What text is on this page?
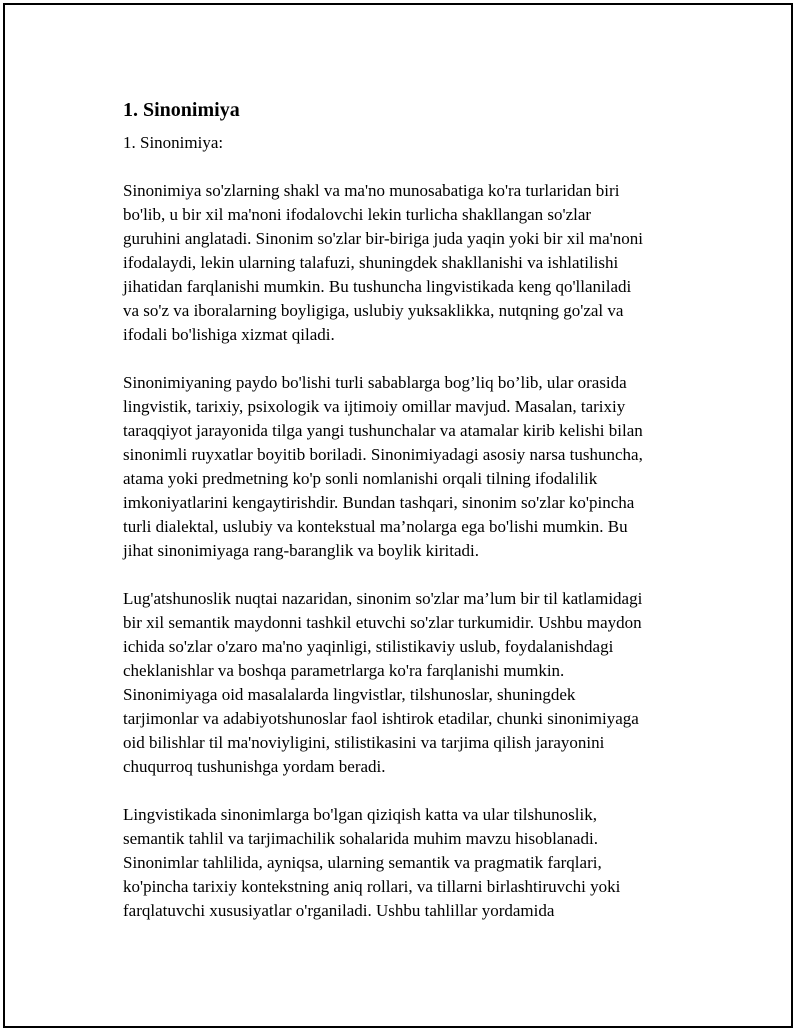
1. Sinonimiya
1. Sinonimiya:
Sinonimiya so'zlarning shakl va ma'no munosabatiga ko'ra turlaridan biri
bo'lib, u bir xil ma'noni ifodalovchi lekin turlicha shakllangan so'zlar
guruhini anglatadi. Sinonim so'zlar bir-biriga juda yaqin yoki bir xil ma'noni
ifodalaydi, lekin ularning talafuzi, shuningdek shakllanishi va ishlatilishi
jihatidan farqlanishi mumkin. Bu tushuncha lingvistikada keng qo'llaniladi
va so'z va iboralarning boyligiga, uslubiy yuksaklikka, nutqning go'zal va
ifodali bo'lishiga xizmat qiladi.
Sinonimiyaning paydo bo'lishi turli sabablarga bog’liq bo’lib, ular orasida
lingvistik, tarixiy, psixologik va ijtimoiy omillar mavjud. Masalan, tarixiy
taraqqiyot jarayonida tilga yangi tushunchalar va atamalar kirib kelishi bilan
sinonimli ruyxatlar boyitib boriladi. Sinonimiyadagi asosiy narsa tushuncha,
atama yoki predmetning ko'p sonli nomlanishi orqali tilning ifodalilik
imkoniyatlarini kengaytirishdir. Bundan tashqari, sinonim so'zlar ko'pincha
turli dialektal, uslubiy va kontekstual ma’nolarga ega bo'lishi mumkin. Bu
jihat sinonimiyaga rang-baranglik va boylik kiritadi.
Lug'atshunoslik nuqtai nazaridan, sinonim so'zlar ma’lum bir til katlamidagi
bir xil semantik maydonni tashkil etuvchi so'zlar turkumidir. Ushbu maydon
ichida so'zlar o'zaro ma'no yaqinligi, stilistikaviy uslub, foydalanishdagi
cheklanishlar va boshqa parametrlarga ko'ra farqlanishi mumkin.
Sinonimiyaga oid masalalarda lingvistlar, tilshunoslar, shuningdek
tarjimonlar va adabiyotshunoslar faol ishtirok etadilar, chunki sinonimiyaga
oid bilishlar til ma'noviyligini, stilistikasini va tarjima qilish jarayonini
chuqurroq tushunishga yordam beradi.
Lingvistikada sinonimlarga bo'lgan qiziqish katta va ular tilshunoslik,
semantik tahlil va tarjimachilik sohalarida muhim mavzu hisoblanadi.
Sinonimlar tahlilida, ayniqsa, ularning semantik va pragmatik farqlari,
ko'pincha tarixiy kontekstning aniq rollari, va tillarni birlashtiruvchi yoki
farqlatuvchi xususiyatlar o'rganiladi. Ushbu tahlillar yordamida
